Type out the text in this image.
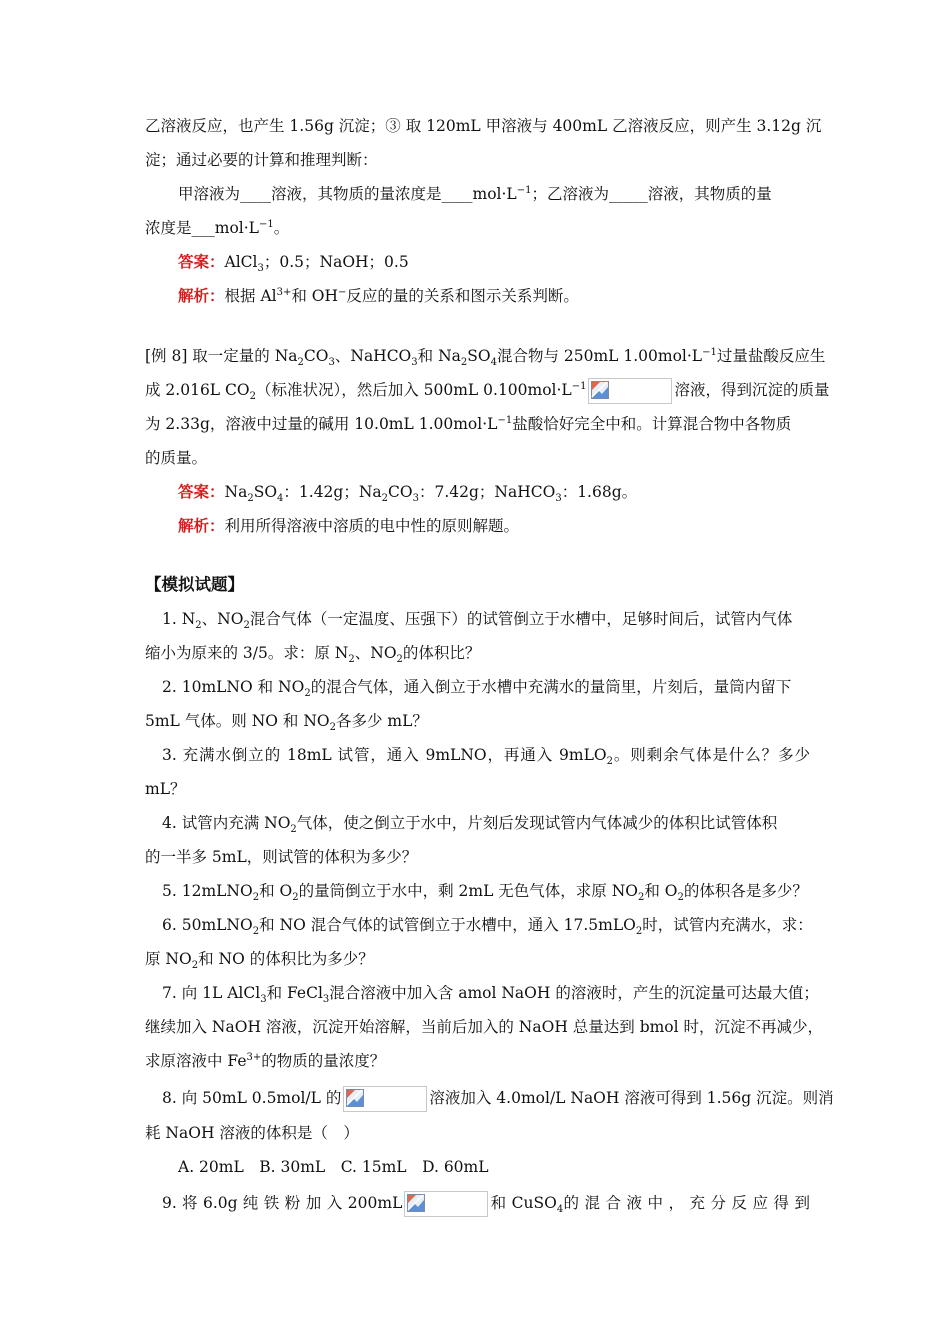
乙溶液反应，也产生 1.56g 沉淀；③ 取 120mL 甲溶液与 400mL 乙溶液反应，则产生 3.12g 沉
淀；通过必要的计算和推理判断：
甲溶液为____溶液，其物质的量浓度是$\_\_\_\_mol\cdot L^{-1}$；乙溶液为_____溶液，其物质的量
浓度是$\_\_\_mol\cdot L^{-1}$。
答案：AlCl$_3$；0.5；NaOH；0.5
解析：根据 $Al^{3+}$和 OH−反应的量的关系和图示关系判断。
[例 8] 取一定量的 $Na_2CO_3$、NaHCO$_3$和 $Na_2SO_4$混合物与 250mL $1.00mol\cdot L^{-1}$过量盐酸反应生
成 2.016L $CO_2$（标准状况），然后加入 500mL $0.100mol\cdot L^{-1}$	溶液，得到沉淀的质量
为 2.33g，溶液中过量的碱用 10.0mL $1.00mol\cdot L^{-1}$盐酸恰好完全中和。计算混合物中各物质
的质量。
答案：$Na_2SO_4$：1.42g；$Na_2CO_3$：7.42g；NaHCO$_3$：1.68g。
解析：利用所得溶液中溶质的电中性的原则解题。
【模拟试题】
1. $N_2$、$NO_2$混合气体（一定温度、压强下）的试管倒立于水槽中，足够时间后，试管内气体
缩小为原来的 3/5。求：原 $N_2$、$NO_2$的体积比？
2. 10mLNO 和 $NO_2$的混合气体，通入倒立于水槽中充满水的量筒里，片刻后，量筒内留下
5mL 气体。则 NO 和 $NO_2$各多少 mL？
3. 充满水倒立的 18mL 试管，通入 9mLNO，再通入 9mLO$_2$。则剩余气体是什么？多少
mL？
4. 试管内充满 $NO_2$气体，使之倒立于水中，片刻后发现试管内气体减少的体积比试管体积
的一半多 5mL，则试管的体积为多少？
5. 12mLNO$_2$和 $O_2$的量筒倒立于水中，剩 2mL 无色气体，求原 $NO_2$和 $O_2$的体积各是多少？
6. 50mLNO$_2$和 NO 混合气体的试管倒立于水槽中，通入 17.5mLO$_2$时，试管内充满水，求：
原 $NO_2$和 NO 的体积比为多少？
7. 向 1L AlCl$_3$和 FeCl$_3$混合溶液中加入含 amol NaOH 的溶液时，产生的沉淀量可达最大值；
继续加入 NaOH 溶液，沉淀开始溶解，当前后加入的 NaOH 总量达到 bmol 时，沉淀不再减少，
求原溶液中 $Fe^{3+}$的物质的量浓度？
8. 向 50mL 0.5mol/L 的	溶液加入 4.0mol/L NaOH 溶液可得到 1.56g 沉淀。则消
耗 NaOH 溶液的体积是（　）
A. 20mL　B. 30mL　C. 15mL　D. 60mL
9. 将 6.0g 纯 铁 粉 加 入 200mL	和 CuSO$_4$的 混 合 液 中 ， 充 分 反 应 得 到
